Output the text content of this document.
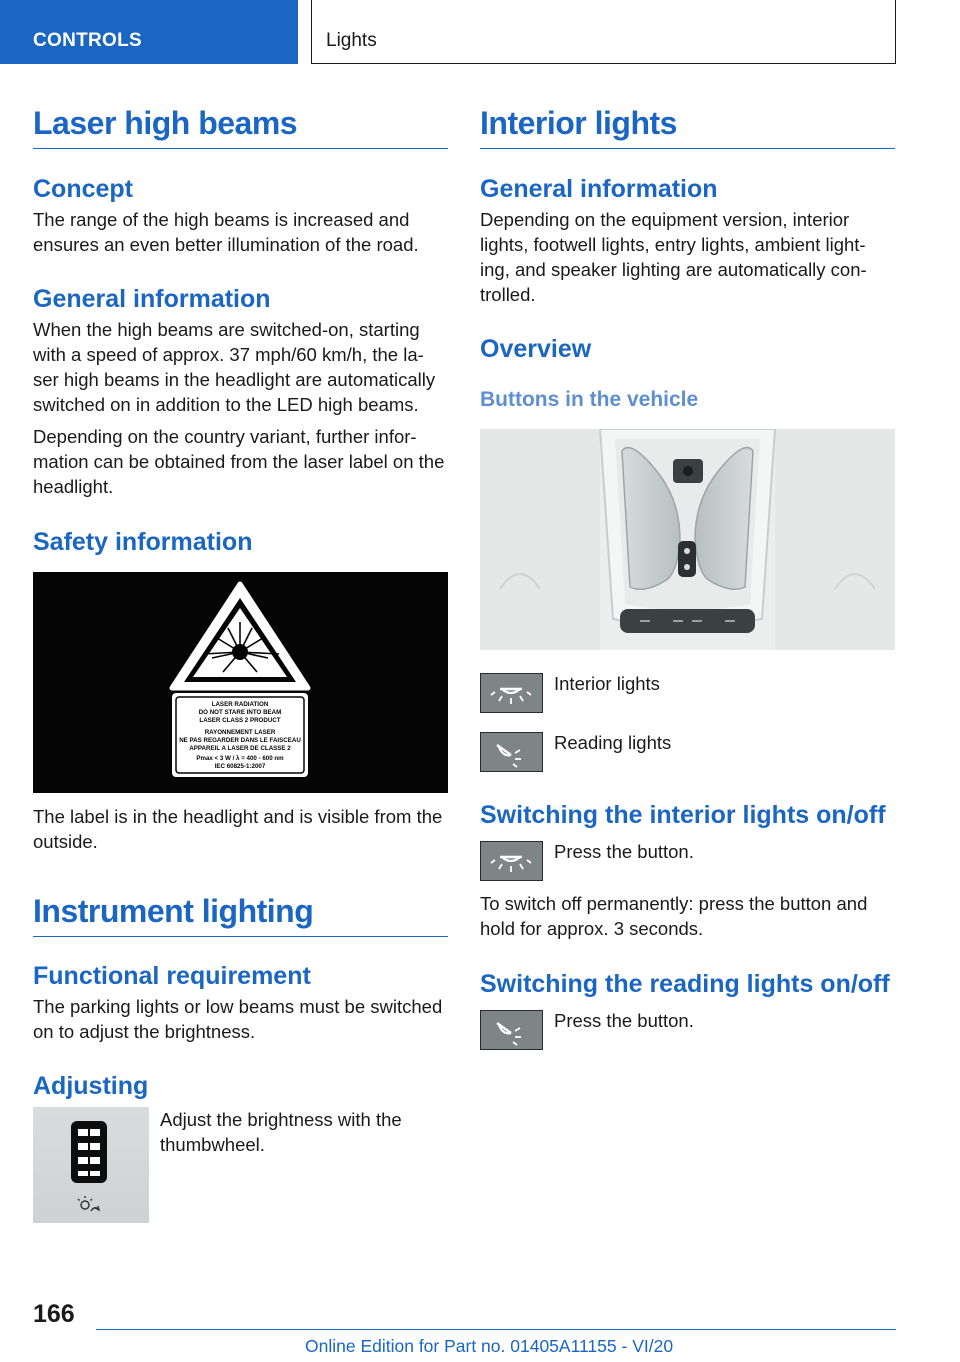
CONTROLS	Lights
Laser high beams
Concept
The range of the high beams is increased and ensures an even better illumination of the road.
General information
When the high beams are switched-on, starting with a speed of approx. 37 mph/60 km/h, the la‐ ser high beams in the headlight are automatically switched on in addition to the LED high beams.
Depending on the country variant, further infor‐ mation can be obtained from the laser label on the headlight.
Safety information
LASER RADIATION
DO NOT STARE INTO BEAM
LASER CLASS 2 PRODUCT
RAYONNEMENT LASER
NE PAS REGARDER DANS LE FAISCEAU
APPAREIL A LASER DE CLASSE 2
Pmax < 3 W / λ = 400 - 600 nm
IEC 60825-1:2007
The label is in the headlight and is visible from the outside.
Instrument lighting
Functional requirement
The parking lights or low beams must be switched on to adjust the brightness.
Adjusting
Adjust the brightness with the thumbwheel.
Interior lights
General information
Depending on the equipment version, interior lights, footwell lights, entry lights, ambient light‐ ing, and speaker lighting are automatically con‐ trolled.
Overview
Buttons in the vehicle
Interior lights
Reading lights
Switching the interior lights on/off
Press the button.
To switch off permanently: press the button and hold for approx. 3 seconds.
Switching the reading lights on/off
Press the button.
166
Online Edition for Part no. 01405A11155 - VI/20
